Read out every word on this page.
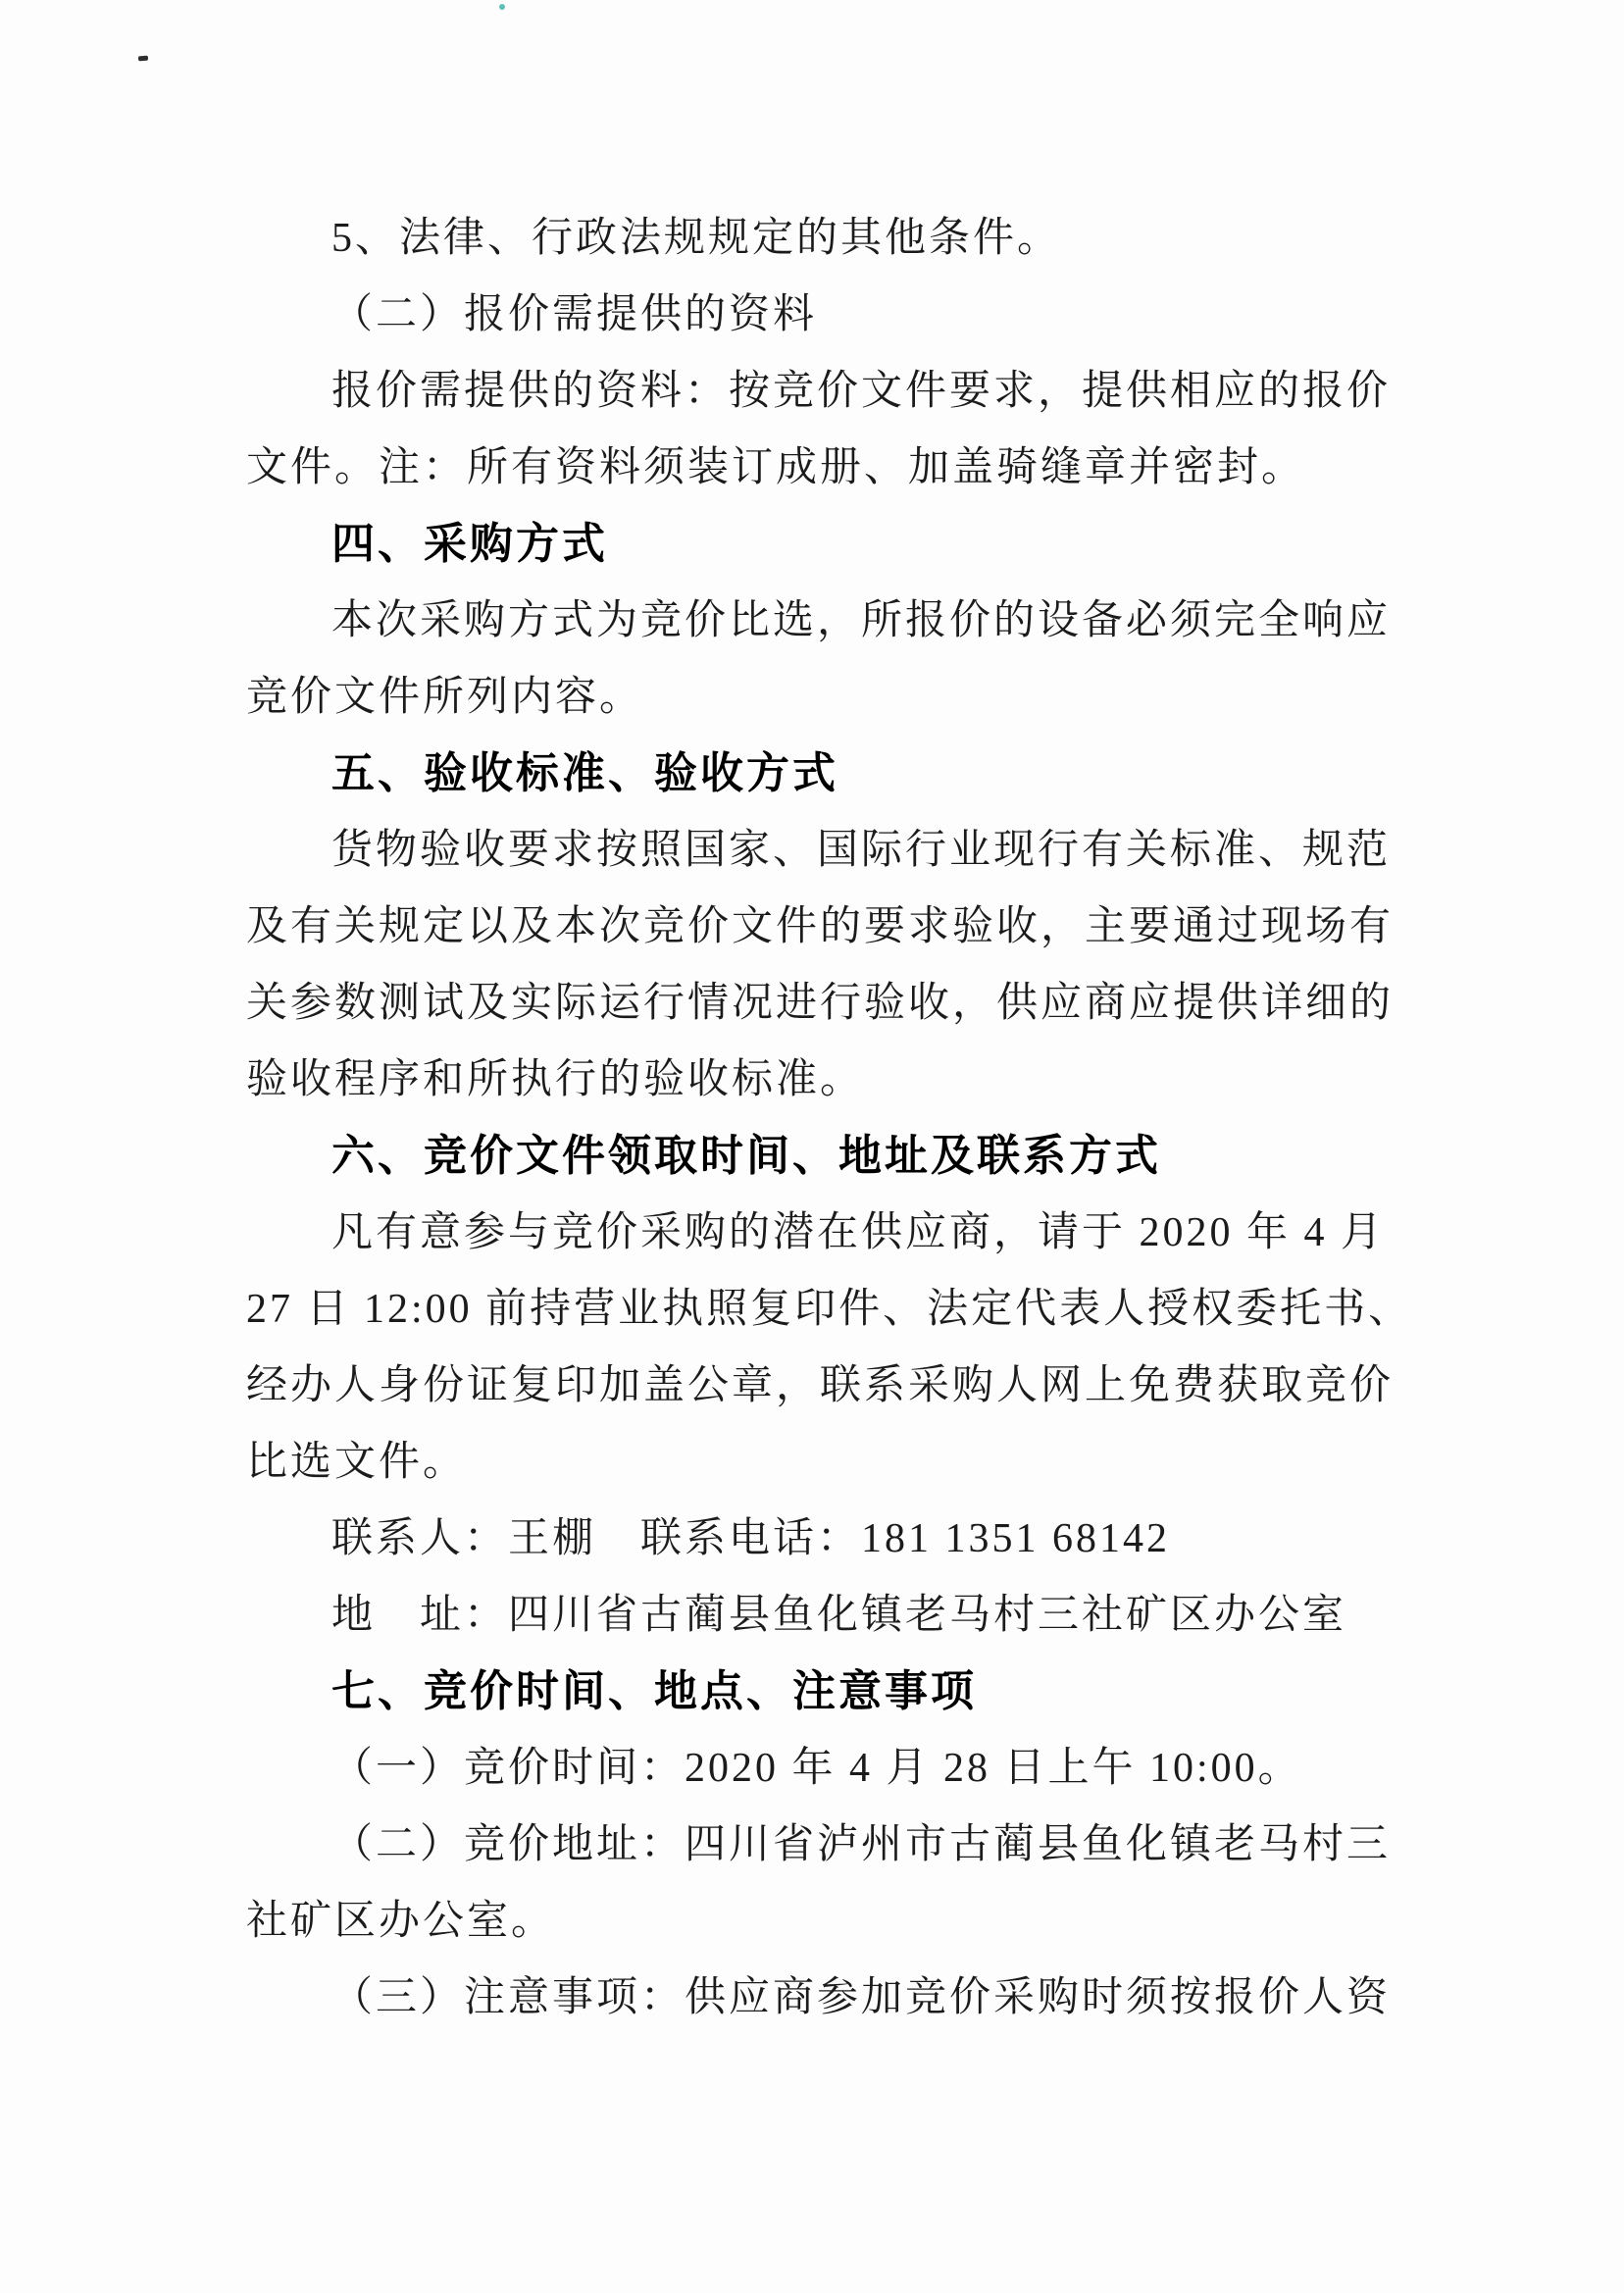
5、法律、行政法规规定的其他条件。
（二）报价需提供的资料
报价需提供的资料：按竞价文件要求，提供相应的报价
文件。注：所有资料须装订成册、加盖骑缝章并密封。
四、采购方式
本次采购方式为竞价比选，所报价的设备必须完全响应
竞价文件所列内容。
五、验收标准、验收方式
货物验收要求按照国家、国际行业现行有关标准、规范
及有关规定以及本次竞价文件的要求验收，主要通过现场有
关参数测试及实际运行情况进行验收，供应商应提供详细的
验收程序和所执行的验收标准。
六、竞价文件领取时间、地址及联系方式
凡有意参与竞价采购的潜在供应商，请于 2020 年 4 月
27 日 12:00 前持营业执照复印件、法定代表人授权委托书、
经办人身份证复印加盖公章，联系采购人网上免费获取竞价
比选文件。
联系人：王棚　联系电话：181 1351 68142
地　址：四川省古蔺县鱼化镇老马村三社矿区办公室
七、竞价时间、地点、注意事项
（一）竞价时间：2020 年 4 月 28 日上午 10:00。
（二）竞价地址：四川省泸州市古蔺县鱼化镇老马村三
社矿区办公室。
（三）注意事项：供应商参加竞价采购时须按报价人资
